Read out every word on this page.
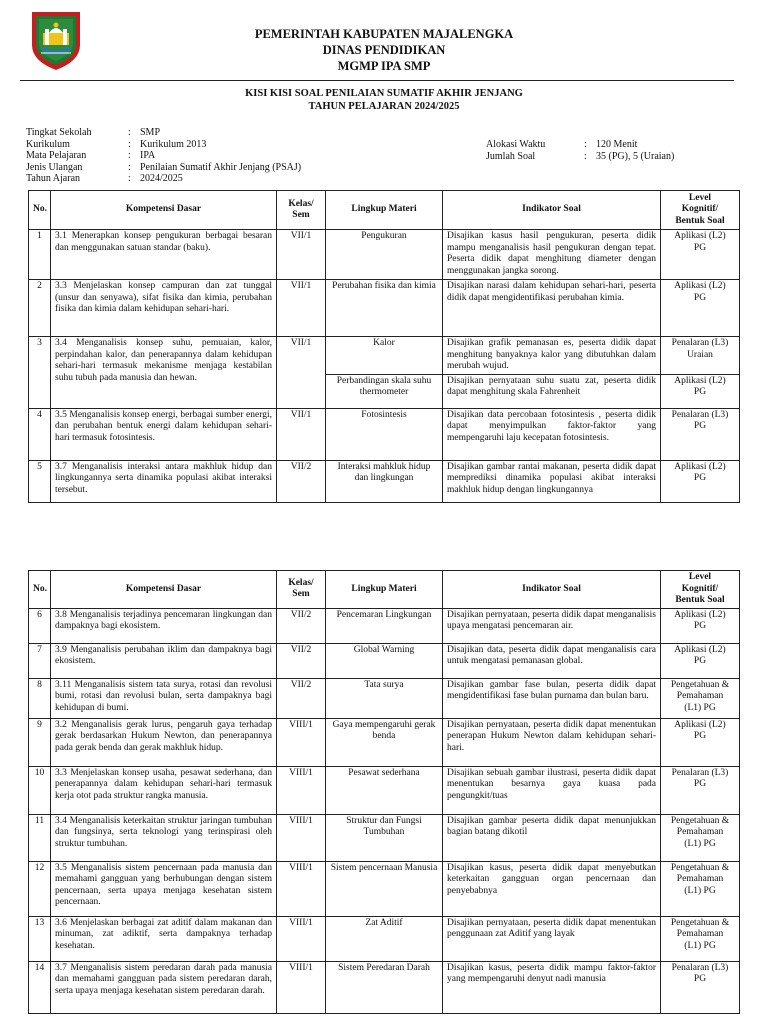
PEMERINTAH KABUPATEN MAJALENGKA
DINAS PENDIDIKAN
MGMP IPA SMP
KISI KISI SOAL PENILAIAN SUMATIF AKHIR JENJANG
TAHUN PELAJARAN 2024/2025
Tingkat Sekolah	: SMP
Kurikulum	: Kurikulum 2013
Mata Pelajaran	: IPA
Jenis Ulangan	: Penilaian Sumatif Akhir Jenjang (PSAJ)
Tahun Ajaran	: 2024/2025
Alokasi Waktu	: 120 Menit
Jumlah Soal	: 35 (PG), 5 (Uraian)
No.	Kompetensi Dasar	Kelas/
Sem	Lingkup Materi	Indikator Soal	Level
Kognitif/
Bentuk Soal
1	3.1 Menerapkan konsep pengukuran berbagai besaran dan menggunakan satuan standar (baku).	VII/1	Pengukuran	Disajikan kasus hasil pengukuran, peserta didik mampu menganalisis hasil pengukuran dengan tepat. Peserta didik dapat menghitung diameter dengan menggunakan jangka sorong.	Aplikasi (L2)
PG
2	3.3 Menjelaskan konsep campuran dan zat tunggal (unsur dan senyawa), sifat fisika dan kimia, perubahan fisika dan kimia dalam kehidupan sehari-hari.	VII/1	Perubahan fisika dan kimia	Disajikan narasi dalam kehidupan sehari-hari, peserta didik dapat mengidentifikasi perubahan kimia.	Aplikasi (L2)
PG
3	3.4 Menganalisis konsep suhu, pemuaian, kalor, perpindahan kalor, dan penerapannya dalam kehidupan sehari-hari termasuk mekanisme menjaga kestabilan suhu tubuh pada manusia dan hewan.	VII/1	Kalor	Disajikan grafik pemanasan es, peserta didik dapat menghitung banyaknya kalor yang dibutuhkan dalam merubah wujud.	Penalaran (L3)
Uraian
			Perbandingan skala suhu thermometer	Disajikan pernyataan suhu suatu zat, peserta didik dapat menghitung skala Fahrenheit	Aplikasi (L2)
PG
4	3.5 Menganalisis konsep energi, berbagai sumber energi, dan perubahan bentuk energi dalam kehidupan sehari-hari termasuk fotosintesis.	VII/1	Fotosintesis	Disajikan data percobaan fotosintesis , peserta didik dapat menyimpulkan faktor-faktor yang mempengaruhi laju kecepatan fotosintesis.	Penalaran (L3)
PG
5	3.7 Menganalisis interaksi antara makhluk hidup dan lingkungannya serta dinamika populasi akibat interaksi tersebut.	VII/2	Interaksi mahkluk hidup dan lingkungan	Disajikan gambar rantai makanan, peserta didik dapat memprediksi dinamika populasi akibat interaksi makhluk hidup dengan lingkungannya	Aplikasi (L2)
PG
No.	Kompetensi Dasar	Kelas/
Sem	Lingkup Materi	Indikator Soal	Level
Kognitif/
Bentuk Soal
6	3.8 Menganalisis terjadinya pencemaran lingkungan dan dampaknya bagi ekosistem.	VII/2	Pencemaran Lingkungan	Disajikan pernyataan, peserta didik dapat menganalisis upaya mengatasi pencemaran air.	Aplikasi (L2)
PG
7	3.9 Menganalisis perubahan iklim dan dampaknya bagi ekosistem.	VII/2	Global Warning	Disajikan data, peserta didik dapat menganalisis cara untuk mengatasi pemanasan global.	Aplikasi (L2)
PG
8	3.11 Menganalisis sistem tata surya, rotasi dan revolusi bumi, rotasi dan revolusi bulan, serta dampaknya bagi kehidupan di bumi.	VII/2	Tata surya	Disajikan gambar fase bulan, peserta didik dapat mengidentifikasi fase bulan purnama dan bulan baru.	Pengetahuan &
Pemahaman
(L1) PG
9	3.2 Menganalisis gerak lurus, pengaruh gaya terhadap gerak berdasarkan Hukum Newton, dan penerapannya pada gerak benda dan gerak makhluk hidup.	VIII/1	Gaya mempengaruhi gerak benda	Disajikan pernyataan, peserta didik dapat menentukan penerapan Hukum Newton dalam kehidupan sehari-hari.	Aplikasi (L2)
PG
10	3.3 Menjelaskan konsep usaha, pesawat sederhana, dan penerapannya dalam kehidupan sehari-hari termasuk kerja otot pada struktur rangka manusia.	VIII/1	Pesawat sederhana	Disajikan sebuah gambar ilustrasi, peserta didik dapat menentukan besarnya gaya kuasa pada pengungkit/tuas	Penalaran (L3)
PG
11	3.4 Menganalisis keterkaitan struktur jaringan tumbuhan dan fungsinya, serta teknologi yang terinspirasi oleh struktur tumbuhan.	VIII/1	Struktur dan Fungsi Tumbuhan	Disajikan gambar peserta didik dapat menunjukkan bagian batang dikotil	Pengetahuan &
Pemahaman
(L1) PG
12	3.5 Menganalisis sistem pencernaan pada manusia dan memahami gangguan yang berhubungan dengan sistem pencernaan, serta upaya menjaga kesehatan sistem pencernaan.	VIII/1	Sistem pencernaan Manusia	Disajikan kasus, peserta didik dapat menyebutkan keterkaitan gangguan organ pencernaan dan penyebabnya	Pengetahuan &
Pemahaman
(L1) PG
13	3.6 Menjelaskan berbagai zat aditif dalam makanan dan minuman, zat adiktif, serta dampaknya terhadap kesehatan.	VIII/1	Zat Aditif	Disajikan pernyataan, peserta didik dapat menentukan penggunaan zat Aditif yang layak	Pengetahuan &
Pemahaman
(L1) PG
14	3.7 Menganalisis sistem peredaran darah pada manusia dan memahami gangguan pada sistem peredaran darah, serta upaya menjaga kesehatan sistem peredaran darah.	VIII/1	Sistem Peredaran Darah	Disajikan kasus, peserta didik mampu faktor-faktor yang mempengaruhi denyut nadi manusia	Penalaran (L3)
PG
